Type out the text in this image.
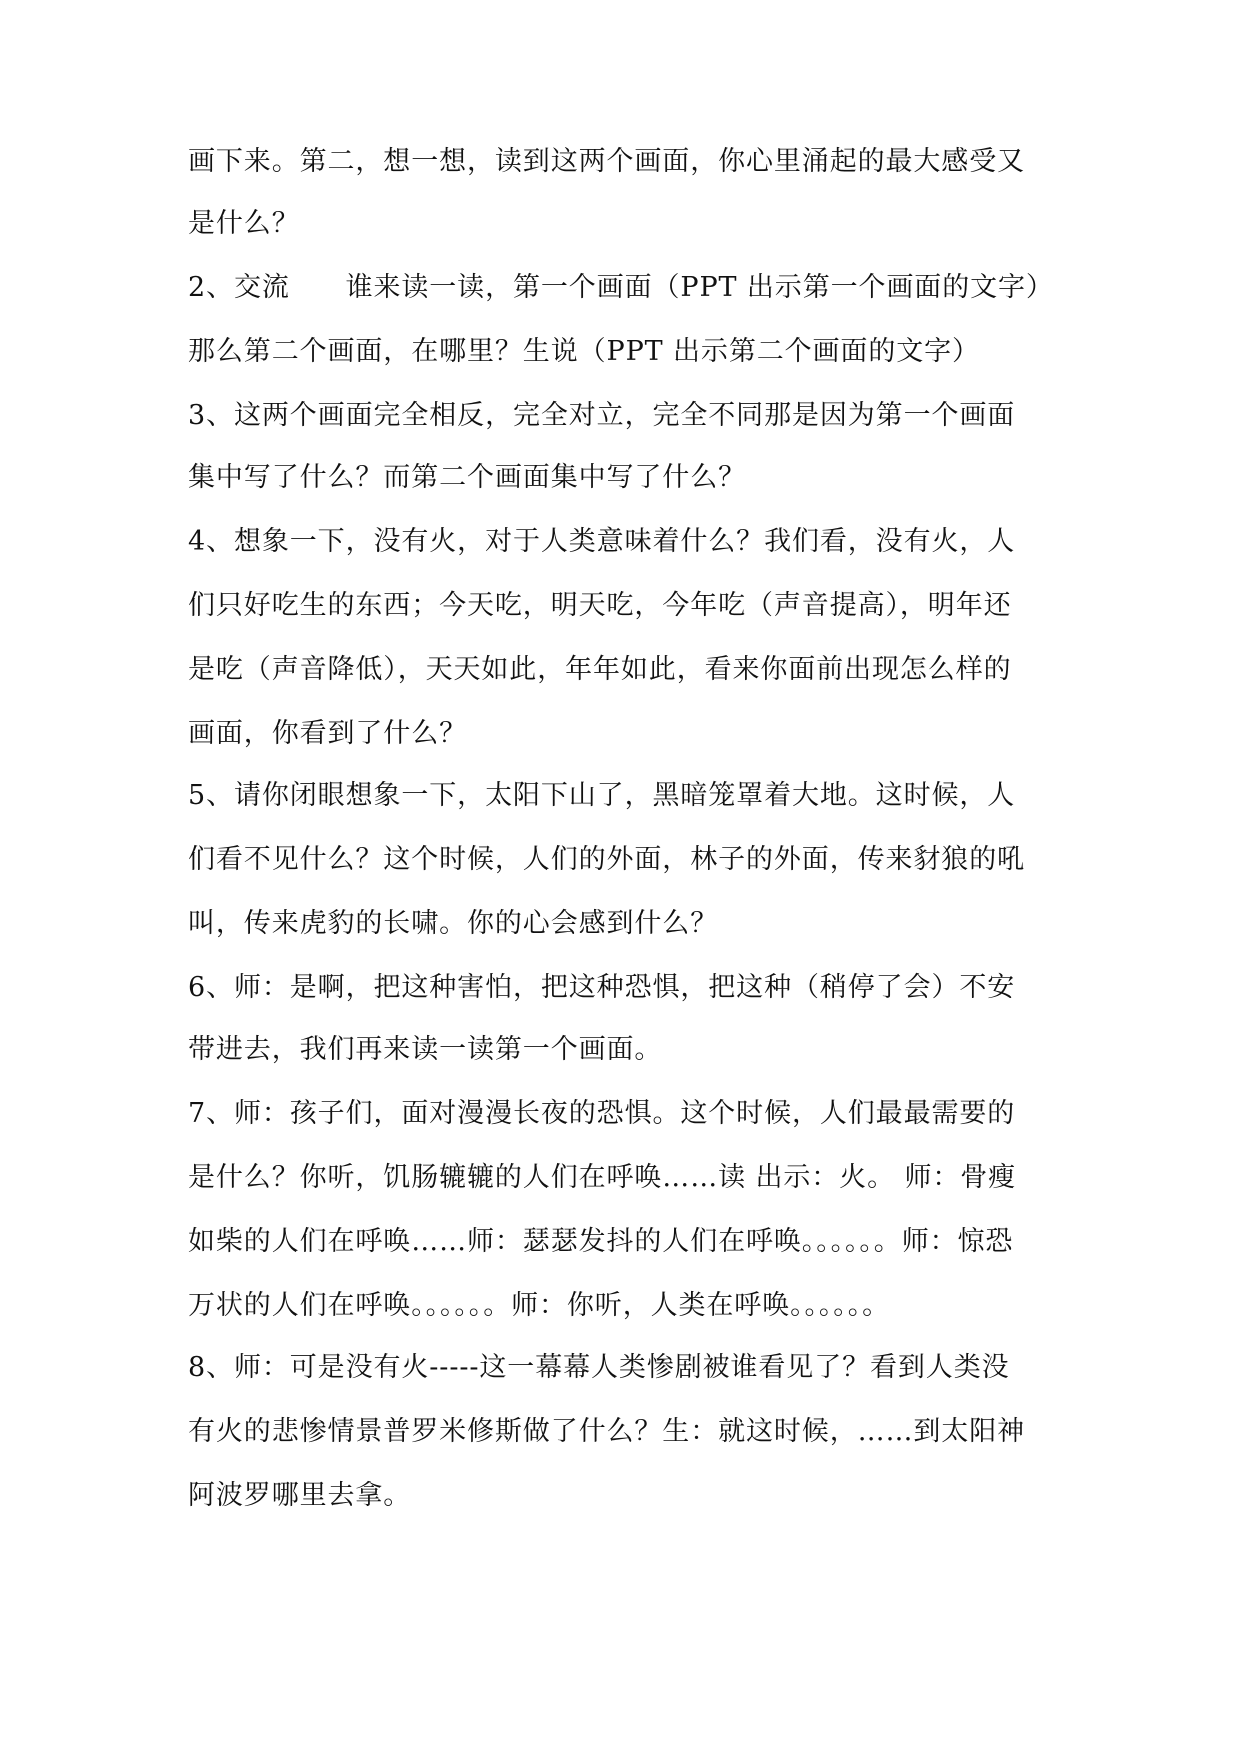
画下来。第二，想一想，读到这两个画面，你心里涌起的最大感受又
是什么？
2、交流　　谁来读一读，第一个画面（PPT 出示第一个画面的文字）
那么第二个画面，在哪里？生说（PPT 出示第二个画面的文字）
3、这两个画面完全相反，完全对立，完全不同那是因为第一个画面
集中写了什么？而第二个画面集中写了什么？
4、想象一下，没有火，对于人类意味着什么？我们看，没有火，人
们只好吃生的东西；今天吃，明天吃，今年吃（声音提高），明年还
是吃（声音降低），天天如此，年年如此，看来你面前出现怎么样的
画面，你看到了什么？
5、请你闭眼想象一下，太阳下山了，黑暗笼罩着大地。这时候，人
们看不见什么？这个时候，人们的外面，林子的外面，传来豺狼的吼
叫，传来虎豹的长啸。你的心会感到什么？
6、师：是啊，把这种害怕，把这种恐惧，把这种（稍停了会）不安
带进去，我们再来读一读第一个画面。
7、师：孩子们，面对漫漫长夜的恐惧。这个时候，人们最最需要的
是什么？你听，饥肠辘辘的人们在呼唤……读 出示：火。 师：骨瘦
如柴的人们在呼唤……师：瑟瑟发抖的人们在呼唤。。。。。。师：惊恐
万状的人们在呼唤。。。。。。师：你听，人类在呼唤。。。。。。
8、师：可是没有火-----这一幕幕人类惨剧被谁看见了？看到人类没
有火的悲惨情景普罗米修斯做了什么？生：就这时候，……到太阳神
阿波罗哪里去拿。
